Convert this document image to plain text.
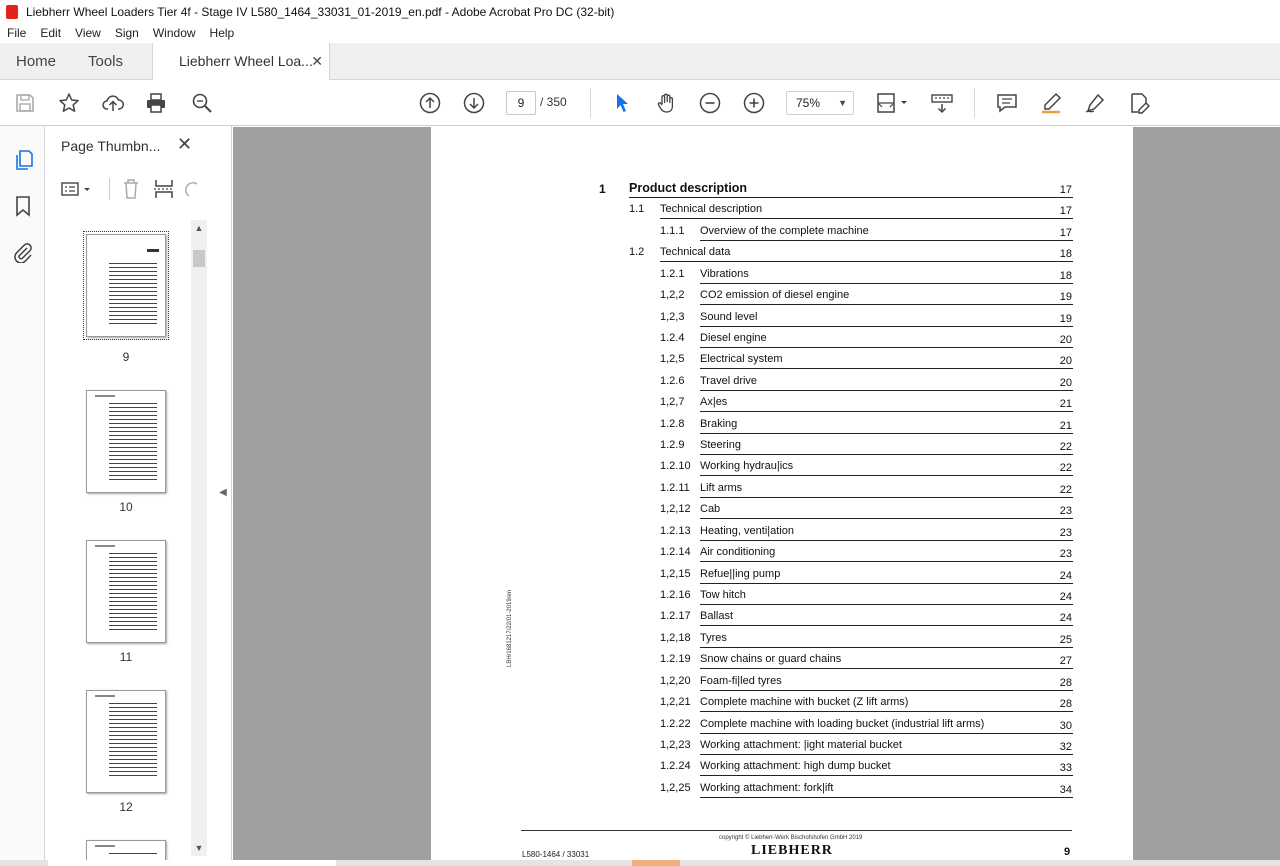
Liebherr Wheel Loaders Tier 4f - Stage IV L580_1464_33031_01-2019_en.pdf - Adobe Acrobat Pro DC (32-bit)
File	Edit	View	Sign	Window	Help
Home Tools	Liebherr Wheel Loa...
✕
9	/ 350	75% ▼
Page Thumbn... ✕
9
10
11
12
▲
▼
◀
1 Product description	17
1.1 Technical description	17
1.1.1 Overview of the complete machine	17
1.2 Technical data	18
1.2.1 Vibrations	18
1,2,2 CO2 emission of diesel engine	19
1,2,3 Sound level	19
1.2.4 Diesel engine	20
1,2,5 Electrical system	20
1.2.6 Travel drive	20
1,2,7 Ax|es	21
1.2.8 Braking	21
1.2.9 Steering	22
1.2.10 Working hydrau|ics	22
1.2.11 Lift arms	22
1,2,12 Cab	23
1.2.13 Heating, venti|ation	23
1.2.14 Air conditioning	23
1,2,15 Refue||ing pump	24
1.2.16 Tow hitch	24
1.2.17 Ballast	24
1,2,18 Tyres	25
1.2.19 Snow chains or guard chains	27
1,2,20 Foam-fi|led tyres	28
1,2,21 Complete machine with bucket (Z lift arms)	28
1.2.22 Complete machine with loading bucket (industrial lift arms)	30
1,2,23 Working attachment: |ight material bucket	32
1.2.24 Working attachment: high dump bucket	33
1,2,25 Working attachment: fork|ift	34
LBH/1681217/22/01-2019/en
copyright © Liebherr-Werk Bischofshofen GmbH 2019
L580-1464 / 33031	LIEBHERR	9
